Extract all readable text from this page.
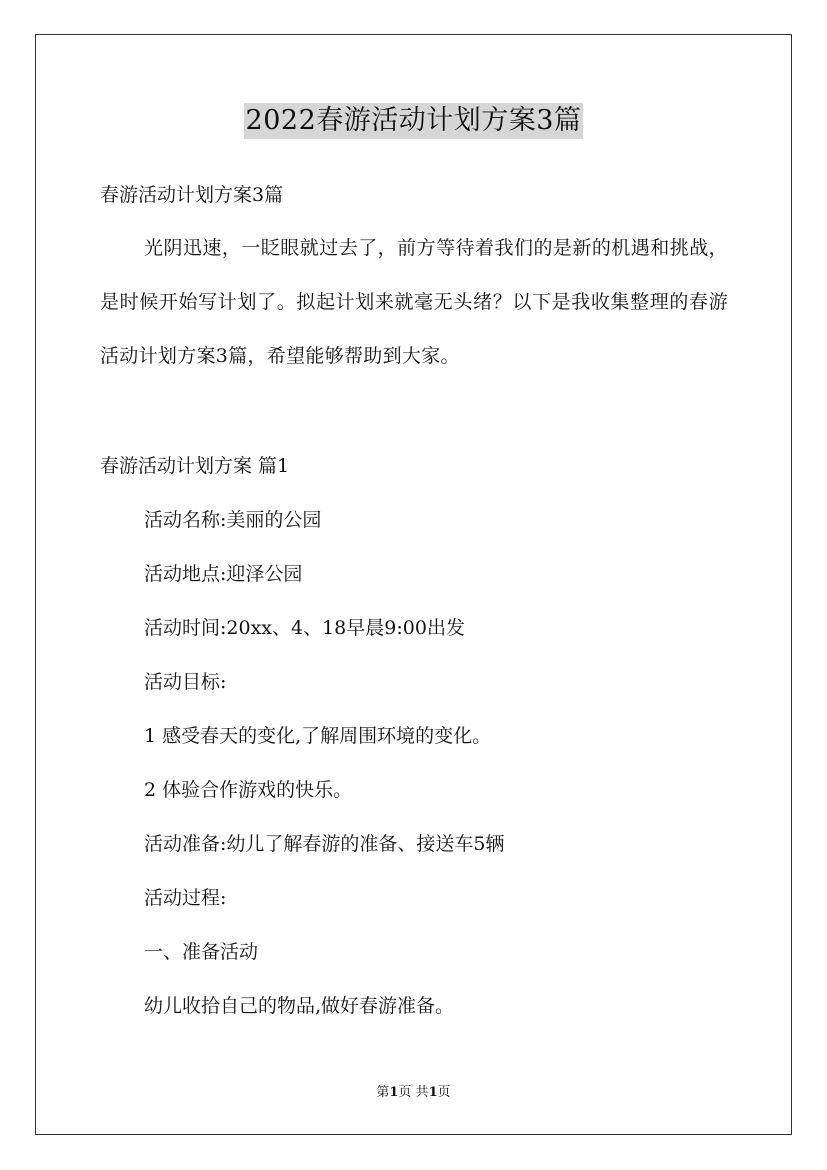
2022春游活动计划方案3篇
春游活动计划方案3篇
光阴迅速，一眨眼就过去了，前方等待着我们的是新的机遇和挑战，是时候开始写计划了。拟起计划来就毫无头绪？以下是我收集整理的春游活动计划方案3篇，希望能够帮助到大家。
春游活动计划方案 篇1
活动名称:美丽的公园
活动地点:迎泽公园
活动时间:20xx、4、18早晨9:00出发
活动目标:
1 感受春天的变化,了解周围环境的变化。
2 体验合作游戏的快乐。
活动准备:幼儿了解春游的准备、接送车5辆
活动过程:
一、准备活动
幼儿收拾自己的物品,做好春游准备。
第1页 共1页
